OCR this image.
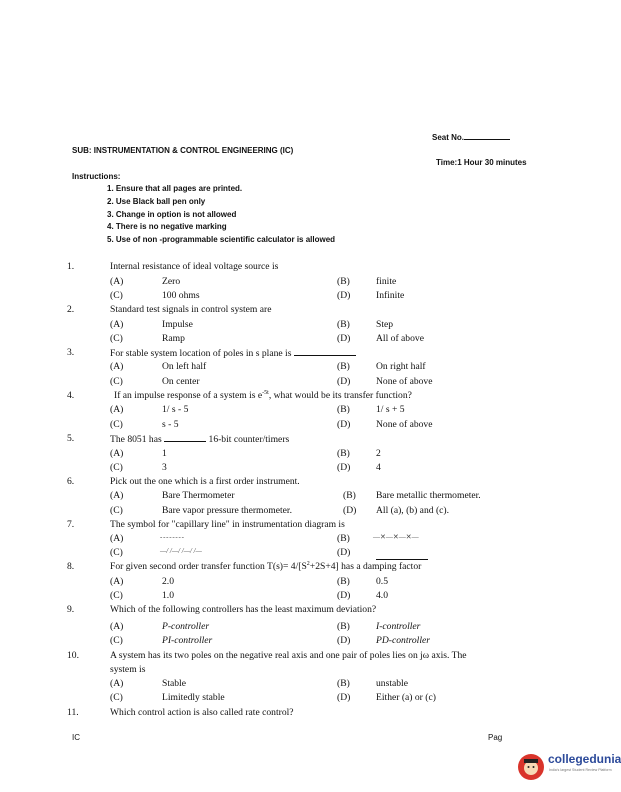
Seat No.
SUB: INSTRUMENTATION & CONTROL ENGINEERING (IC)
Time:1 Hour 30 minutes
Instructions:
1. Ensure that all pages are printed.
2. Use Black ball pen only
3. Change in option is not allowed
4. There is no negative marking
5. Use of non -programmable scientific calculator is allowed
1.	Internal resistance of ideal voltage source is
(A)	Zero	(B)	finite
(C)	100 ohms	(D)	Infinite
2.	Standard test signals in control system are
(A)	Impulse	(B)	Step
(C)	Ramp	(D)	All of above
3.	For stable system location of poles in s plane is
(A)	On left half	(B)	On right half
(C)	On center	(D)	None of above
4.	If an impulse response of a system is $e^{-5t}$, what would be its transfer function?
(A)	1/ s - 5	(B)	1/ s + 5
(C)	s - 5	(D)	None of above
5.	The 8051 has	16-bit counter/timers
(A)	1	(B)	2
(C)	3	(D)	4
6.	Pick out the one which is a first order instrument.
(A)	Bare Thermometer	(B) Bare metallic thermometer.
(C)	Bare vapor pressure thermometer.	(D) All (a), (b) and (c).
7.	The symbol for "capillary line" in instrumentation diagram is
(A)	- - - - - - - -	(B)	—✕—✕—✕—
(C)	—/ /—/ /—/ /—	(D)
8.	For given second order transfer function $T(s)= 4/[S^2+2S+4]$ has a damping factor
(A)	2.0	(B)	0.5
(C)	1.0	(D)	4.0
9.	Which of the following controllers has the least maximum deviation?
(A)	P-controller	(B)	I-controller
(C)	PI-controller	(D)	PD-controller
10.	A system has its two poles on the negative real axis and one pair of poles lies on jω axis. The
system is
(A)	Stable	(B)	unstable
(C)	Limitedly stable	(D)	Either (a) or (c)
11.	Which control action is also called rate control?
IC	Pag
collegedunia
India's largest Student Review Platform
